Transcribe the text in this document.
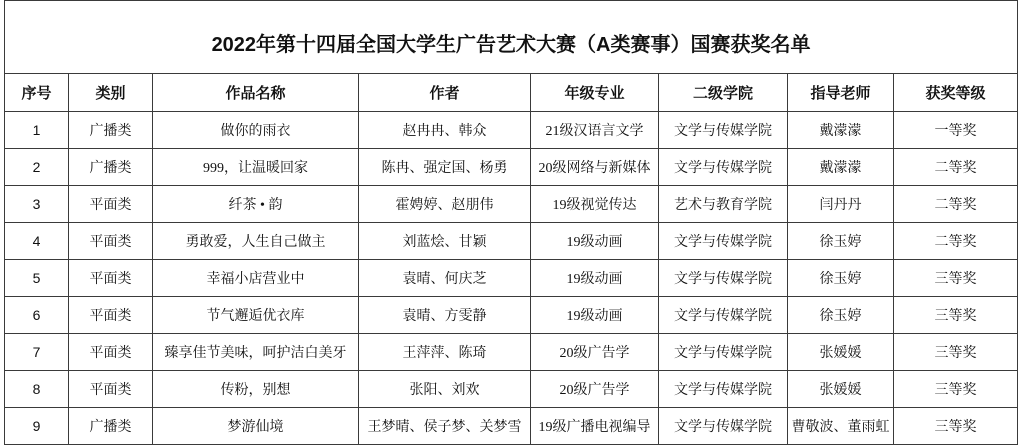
2022年第十四届全国大学生广告艺术大赛（A类赛事）国赛获奖名单							
序号	类别	作品名称	作者	年级专业	二级学院	指导老师	获奖等级
1	广播类	做你的雨衣	赵冉冉、韩众	21级汉语言文学	文学与传媒学院	戴濛濛	一等奖
2	广播类	999，让温暖回家	陈冉、强定国、杨勇	20级网络与新媒体	文学与传媒学院	戴濛濛	二等奖
3	平面类	纤茶 • 韵	霍娉婷、赵朋伟	19级视觉传达	艺术与教育学院	闫丹丹	二等奖
4	平面类	勇敢爱，人生自己做主	刘蓝烩、甘颖	19级动画	文学与传媒学院	徐玉婷	二等奖
5	平面类	幸福小店营业中	袁晴、何庆芝	19级动画	文学与传媒学院	徐玉婷	三等奖
6	平面类	节气邂逅优衣库	袁晴、方雯静	19级动画	文学与传媒学院	徐玉婷	三等奖
7	平面类	臻享佳节美味，呵护洁白美牙	王萍萍、陈琦	20级广告学	文学与传媒学院	张媛媛	三等奖
8	平面类	传粉，别想	张阳、刘欢	20级广告学	文学与传媒学院	张媛媛	三等奖
9	广播类	梦游仙境	王梦晴、侯子梦、关梦雪	19级广播电视编导	文学与传媒学院	曹敬波、董雨虹	三等奖
